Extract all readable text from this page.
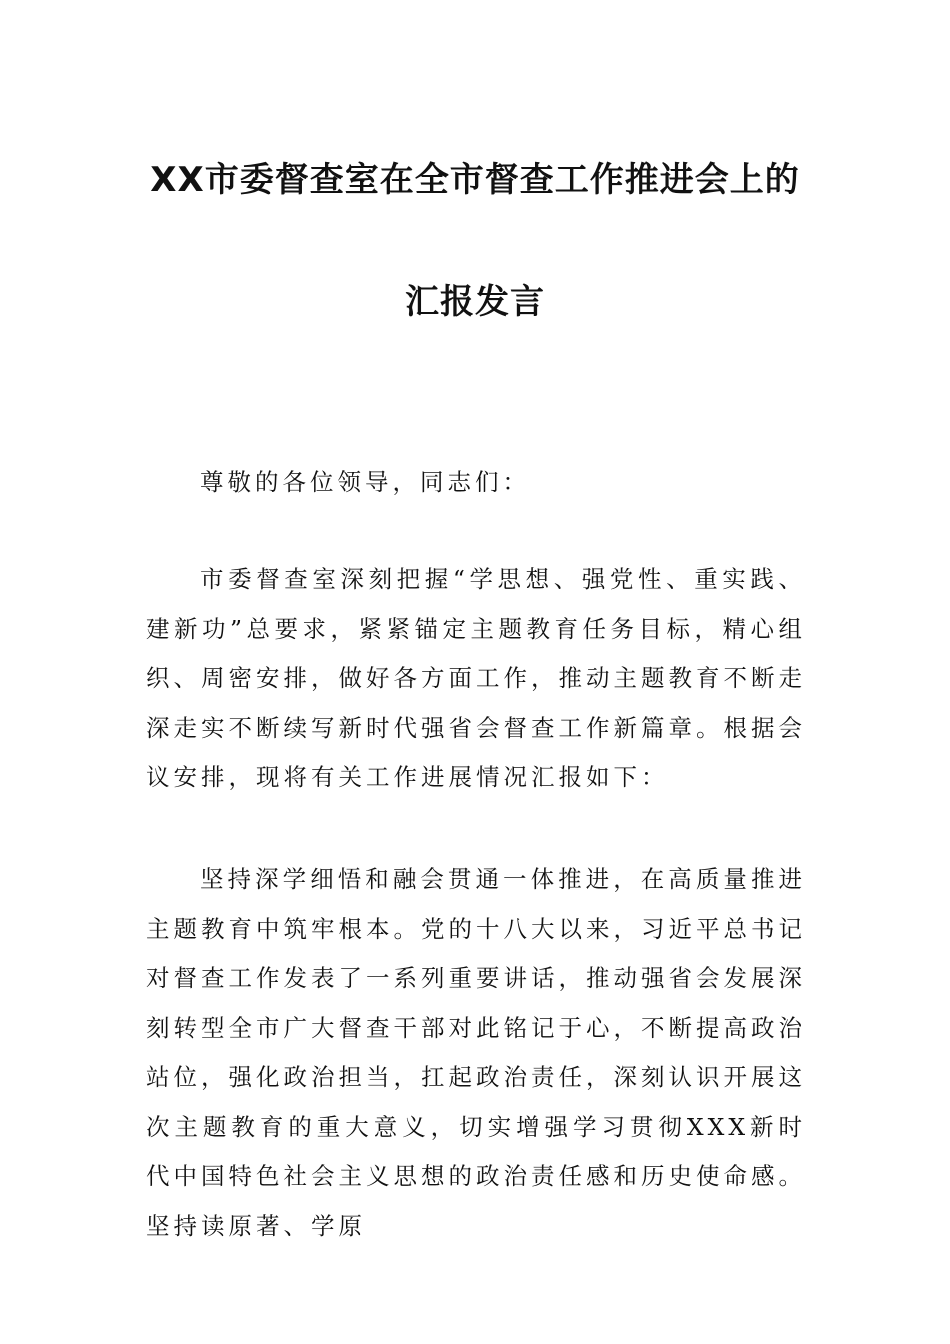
XX市委督查室在全市督查工作推进会上的
汇报发言

尊敬的各位领导，同志们：

市委督查室深刻把握“学思想、强党性、重实践、建新功”总要求，紧紧锚定主题教育任务目标，精心组织、周密安排，做好各方面工作，推动主题教育不断走深走实不断续写新时代强省会督查工作新篇章。根据会议安排，现将有关工作进展情况汇报如下：

坚持深学细悟和融会贯通一体推进，在高质量推进主题教育中筑牢根本。党的十八大以来，习近平总书记对督查工作发表了一系列重要讲话，推动强省会发展深刻转型全市广大督查干部对此铭记于心，不断提高政治站位，强化政治担当，扛起政治责任，深刻认识开展这次主题教育的重大意义，切实增强学习贯彻XXX新时代中国特色社会主义思想的政治责任感和历史使命感。坚持读原著、学原
